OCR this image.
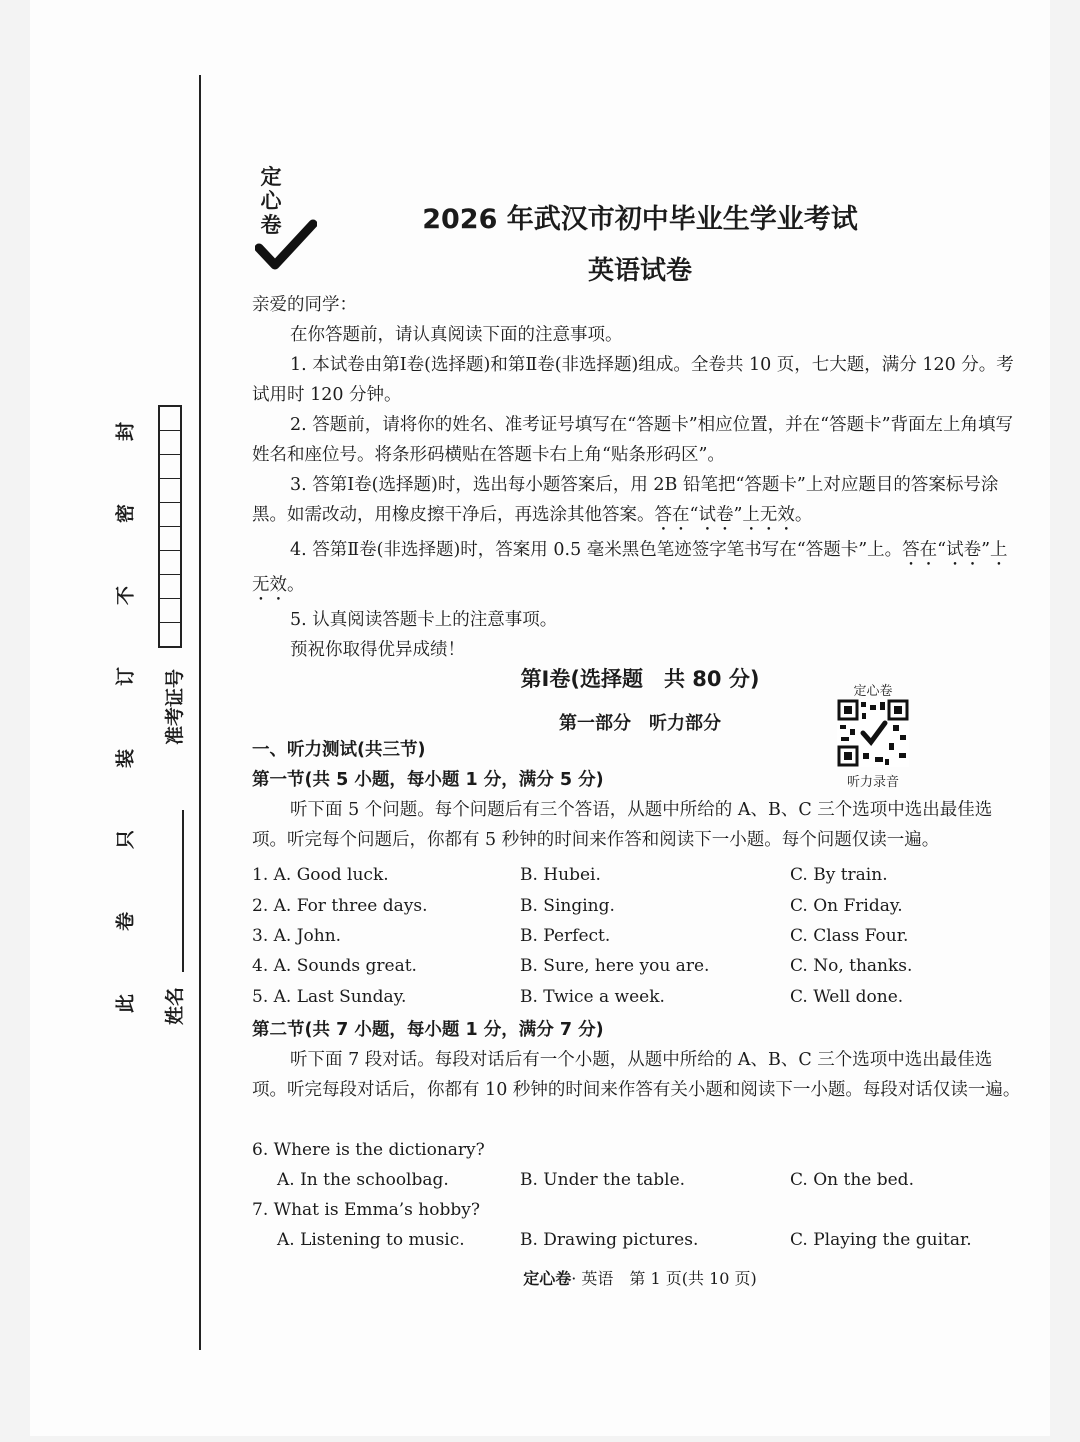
此
卷
只
装
订
不
密
封
准考证号
姓名
定心卷	2026 年武汉市初中毕业生学业考试
英语试卷

亲爱的同学：

在你答题前，请认真阅读下面的注意事项。

1. 本试卷由第Ⅰ卷(选择题)和第Ⅱ卷(非选择题)组成。全卷共 10 页，七大题，满分 120 分。考试用时 120 分钟。

2. 答题前，请将你的姓名、准考证号填写在“答题卡”相应位置，并在“答题卡”背面左上角填写姓名和座位号。将条形码横贴在答题卡右上角“贴条形码区”。

3. 答第Ⅰ卷(选择题)时，选出每小题答案后，用 2B 铅笔把“答题卡”上对应题目的答案标号涂黑。如需改动，用橡皮擦干净后，再选涂其他答案。答在“试卷”上无效。

4. 答第Ⅱ卷(非选择题)时，答案用 0.5 毫米黑色笔迹签字笔书写在“答题卡”上。答在“试卷”上无效。

5. 认真阅读答题卡上的注意事项。

预祝你取得优异成绩！

第Ⅰ卷(选择题　共 80 分)
定心卷
听力录音
第一部分　听力部分

一、听力测试(共三节)

第一节(共 5 小题，每小题 1 分，满分 5 分)

听下面 5 个问题。每个问题后有三个答语，从题中所给的 A、B、C 三个选项中选出最佳选项。听完每个问题后，你都有 5 秒钟的时间来作答和阅读下一小题。每个问题仅读一遍。

1. A. Good luck.	B. Hubei.	C. By train.
2. A. For three days.	B. Singing.	C. On Friday.
3. A. John.	B. Perfect.	C. Class Four.
4. A. Sounds great.	B. Sure, here you are.	C. No, thanks.
5. A. Last Sunday.	B. Twice a week.	C. Well done.

第二节(共 7 小题，每小题 1 分，满分 7 分)

听下面 7 段对话。每段对话后有一个小题，从题中所给的 A、B、C 三个选项中选出最佳选项。听完每段对话后，你都有 10 秒钟的时间来作答有关小题和阅读下一小题。每段对话仅读一遍。

6. Where is the dictionary?
A. In the schoolbag.	B. Under the table.	C. On the bed.
7. What is Emma’s hobby?
A. Listening to music.	B. Drawing pictures.	C. Playing the guitar.
定心卷· 英语　第 1 页(共 10 页)
